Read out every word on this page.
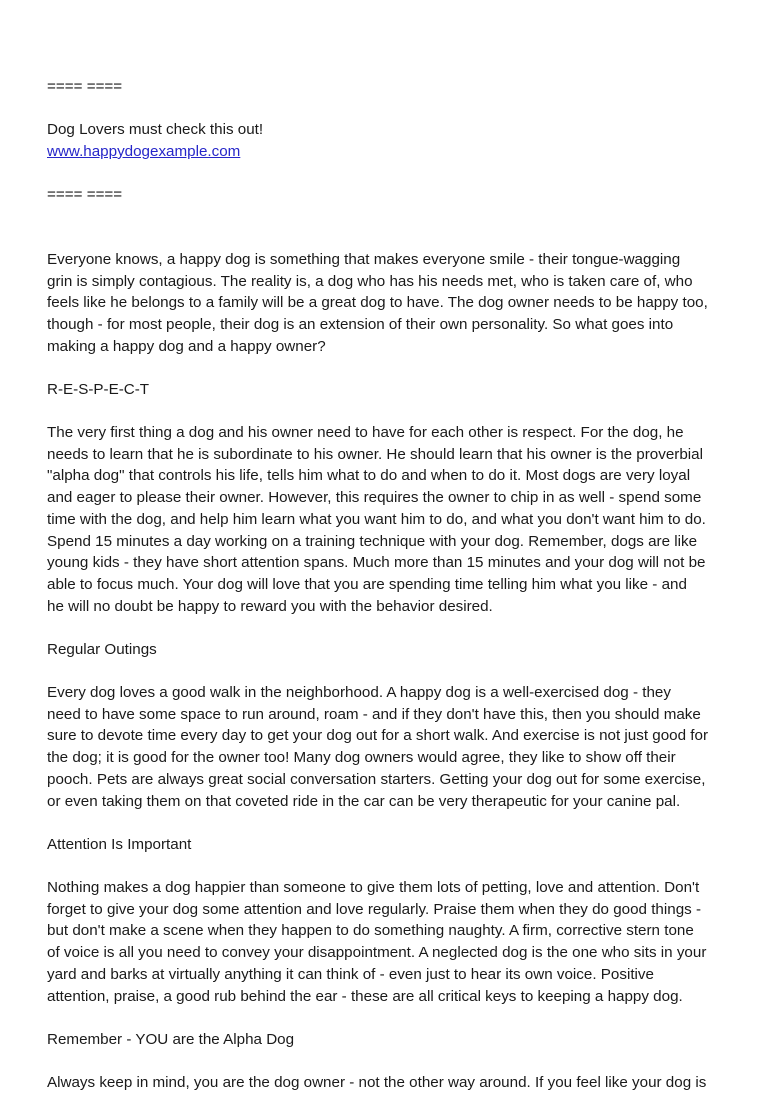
==== ====

Dog Lovers must check this out!
www.happydogexample.com

==== ====

Everyone knows, a happy dog is something that makes everyone smile - their tongue-wagging
grin is simply contagious. The reality is, a dog who has his needs met, who is taken care of, who
feels like he belongs to a family will be a great dog to have. The dog owner needs to be happy too,
though - for most people, their dog is an extension of their own personality. So what goes into
making a happy dog and a happy owner?

R-E-S-P-E-C-T

The very first thing a dog and his owner need to have for each other is respect. For the dog, he
needs to learn that he is subordinate to his owner. He should learn that his owner is the proverbial
"alpha dog" that controls his life, tells him what to do and when to do it. Most dogs are very loyal
and eager to please their owner. However, this requires the owner to chip in as well - spend some
time with the dog, and help him learn what you want him to do, and what you don't want him to do.
Spend 15 minutes a day working on a training technique with your dog. Remember, dogs are like
young kids - they have short attention spans. Much more than 15 minutes and your dog will not be
able to focus much. Your dog will love that you are spending time telling him what you like - and
he will no doubt be happy to reward you with the behavior desired.

Regular Outings

Every dog loves a good walk in the neighborhood. A happy dog is a well-exercised dog - they
need to have some space to run around, roam - and if they don't have this, then you should make
sure to devote time every day to get your dog out for a short walk. And exercise is not just good for
the dog; it is good for the owner too! Many dog owners would agree, they like to show off their
pooch. Pets are always great social conversation starters. Getting your dog out for some exercise,
or even taking them on that coveted ride in the car can be very therapeutic for your canine pal.

Attention Is Important

Nothing makes a dog happier than someone to give them lots of petting, love and attention. Don't
forget to give your dog some attention and love regularly. Praise them when they do good things -
but don't make a scene when they happen to do something naughty. A firm, corrective stern tone
of voice is all you need to convey your disappointment. A neglected dog is the one who sits in your
yard and barks at virtually anything it can think of - even just to hear its own voice. Positive
attention, praise, a good rub behind the ear - these are all critical keys to keeping a happy dog.

Remember - YOU are the Alpha Dog

Always keep in mind, you are the dog owner - not the other way around. If you feel like your dog is
